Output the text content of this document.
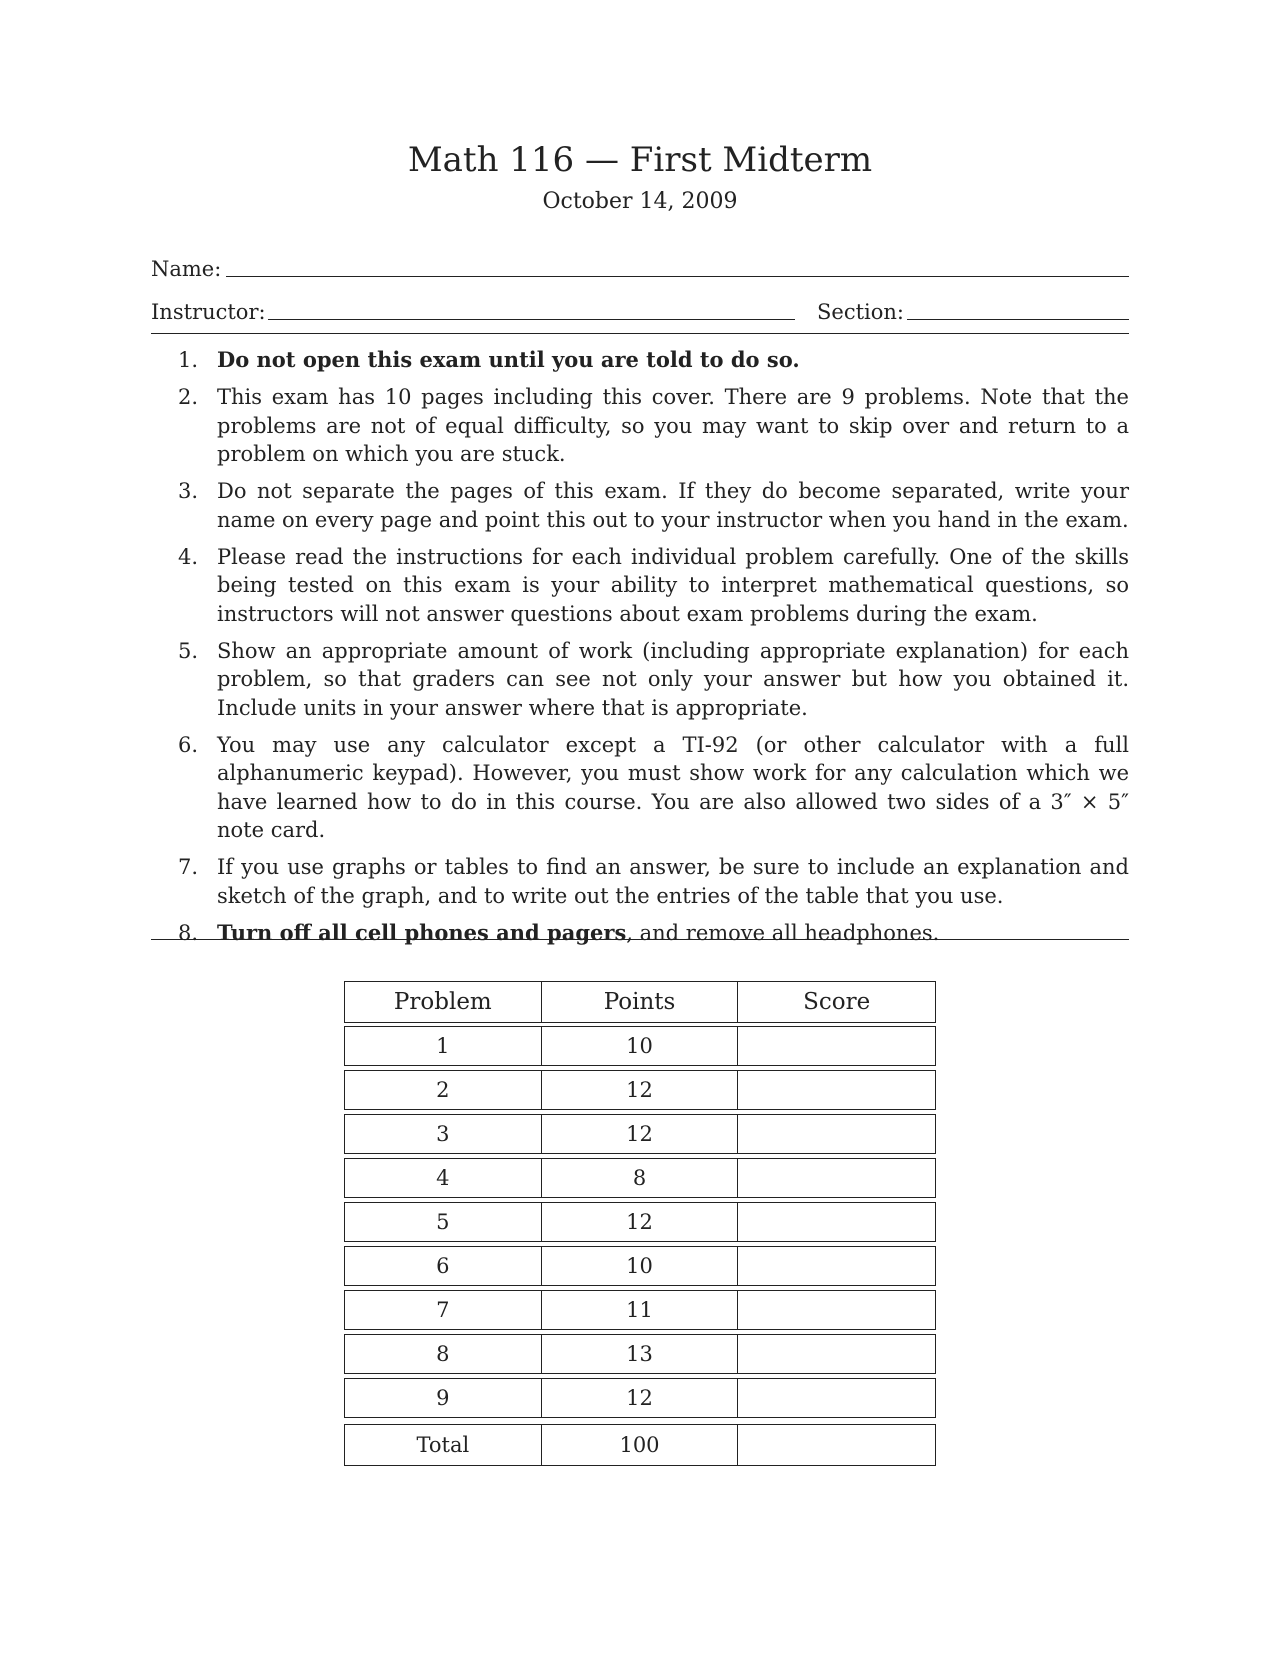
Math 116 — First Midterm
October 14, 2009
Name:
Instructor:	Section:
1. Do not open this exam until you are told to do so.
2. This exam has 10 pages including this cover. There are 9 problems. Note that the problems are not of equal difficulty, so you may want to skip over and return to a problem on which you are stuck.
3. Do not separate the pages of this exam. If they do become separated, write your name on every page and point this out to your instructor when you hand in the exam.
4. Please read the instructions for each individual problem carefully. One of the skills being tested on this exam is your ability to interpret mathematical questions, so instructors will not answer questions about exam problems during the exam.
5. Show an appropriate amount of work (including appropriate explanation) for each problem, so that graders can see not only your answer but how you obtained it. Include units in your answer where that is appropriate.
6. You may use any calculator except a TI-92 (or other calculator with a full alphanumeric keypad). However, you must show work for any calculation which we have learned how to do in this course. You are also allowed two sides of a 3″ × 5″ note card.
7. If you use graphs or tables to find an answer, be sure to include an explanation and sketch of the graph, and to write out the entries of the table that you use.
8. Turn off all cell phones and pagers, and remove all headphones.
Problem	Points	Score
1	10
2	12
3	12
4	8
5	12
6	10
7	11
8	13
9	12
Total	100
